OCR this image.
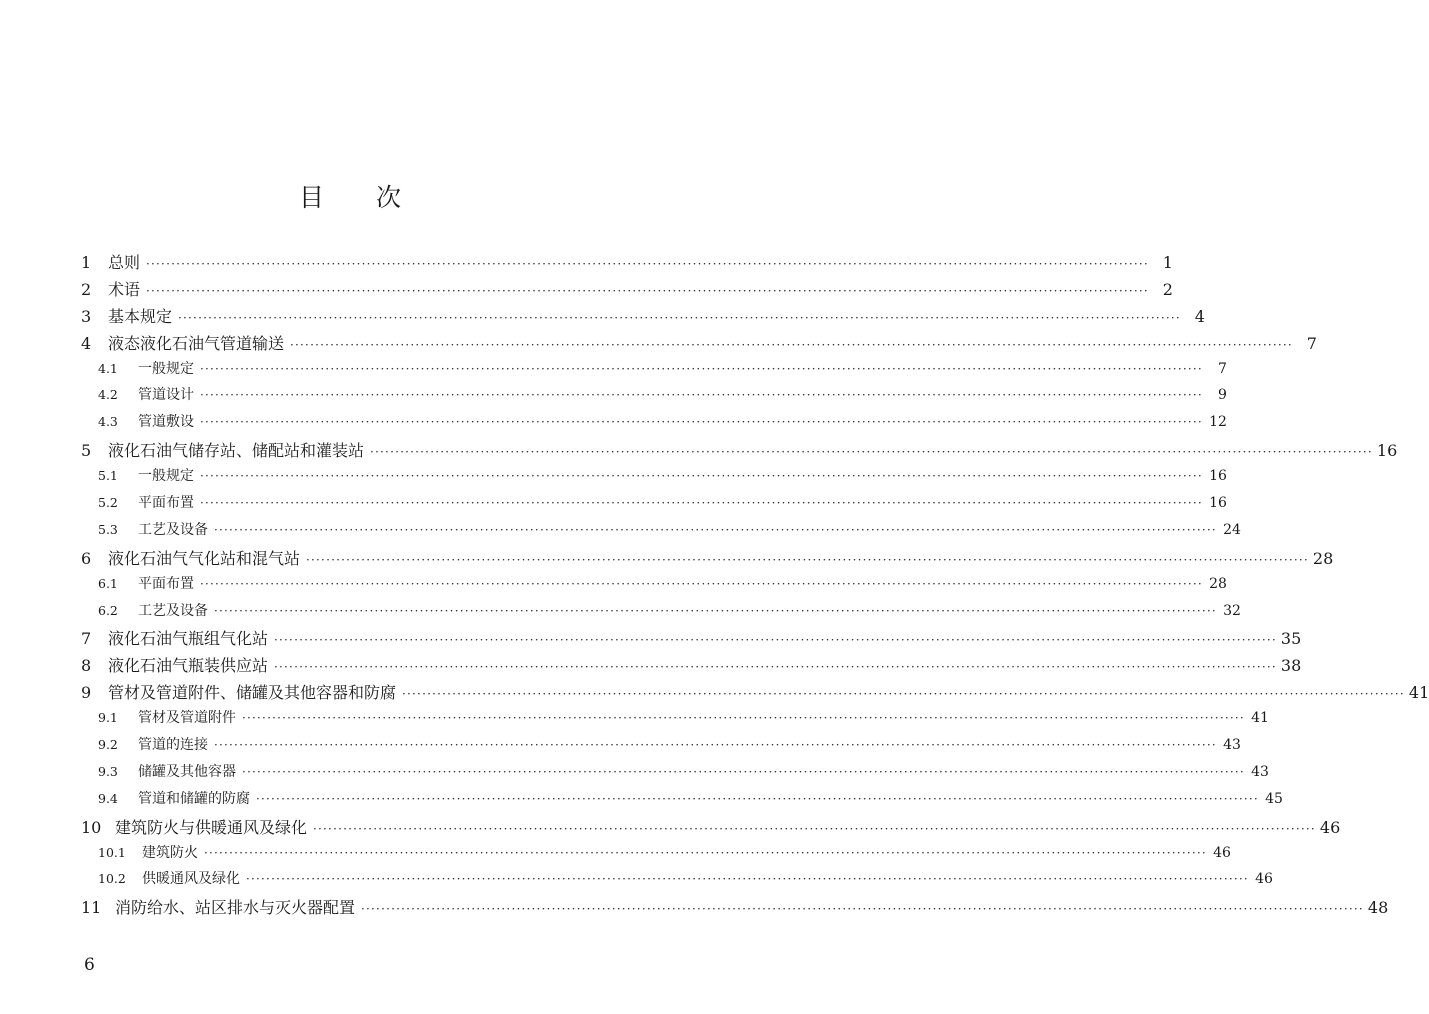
目 次
1	总则 ········································································································································································································ 1
2	术语 ········································································································································································································ 2
3	基本规定 ········································································································································································································ 4
4	液态液化石油气管道输送 ········································································································································································································ 7
4.1	一般规定 ········································································································································································································	7
4.2	管道设计 ········································································································································································································	9
4.3	管道敷设 ········································································································································································································ 12
5	液化石油气储存站、储配站和灌装站 ········································································································································································································ 16
5.1	一般规定 ········································································································································································································ 16
5.2	平面布置 ········································································································································································································ 16
5.3	工艺及设备 ········································································································································································································ 24
6	液化石油气气化站和混气站 ········································································································································································································ 28
6.1	平面布置 ········································································································································································································ 28
6.2	工艺及设备 ········································································································································································································ 32
7	液化石油气瓶组气化站 ········································································································································································································ 35
8	液化石油气瓶装供应站 ········································································································································································································ 38
9	管材及管道附件、储罐及其他容器和防腐 ········································································································································································································ 41
9.1	管材及管道附件 ········································································································································································································ 41
9.2	管道的连接 ········································································································································································································ 43
9.3	储罐及其他容器 ········································································································································································································ 43
9.4	管道和储罐的防腐 ········································································································································································································ 45
10 建筑防火与供暖通风及绿化 ········································································································································································································ 46
10.1	建筑防火 ········································································································································································································ 46
10.2	供暖通风及绿化 ········································································································································································································ 46
11 消防给水、站区排水与灭火器配置 ········································································································································································································ 48
6
